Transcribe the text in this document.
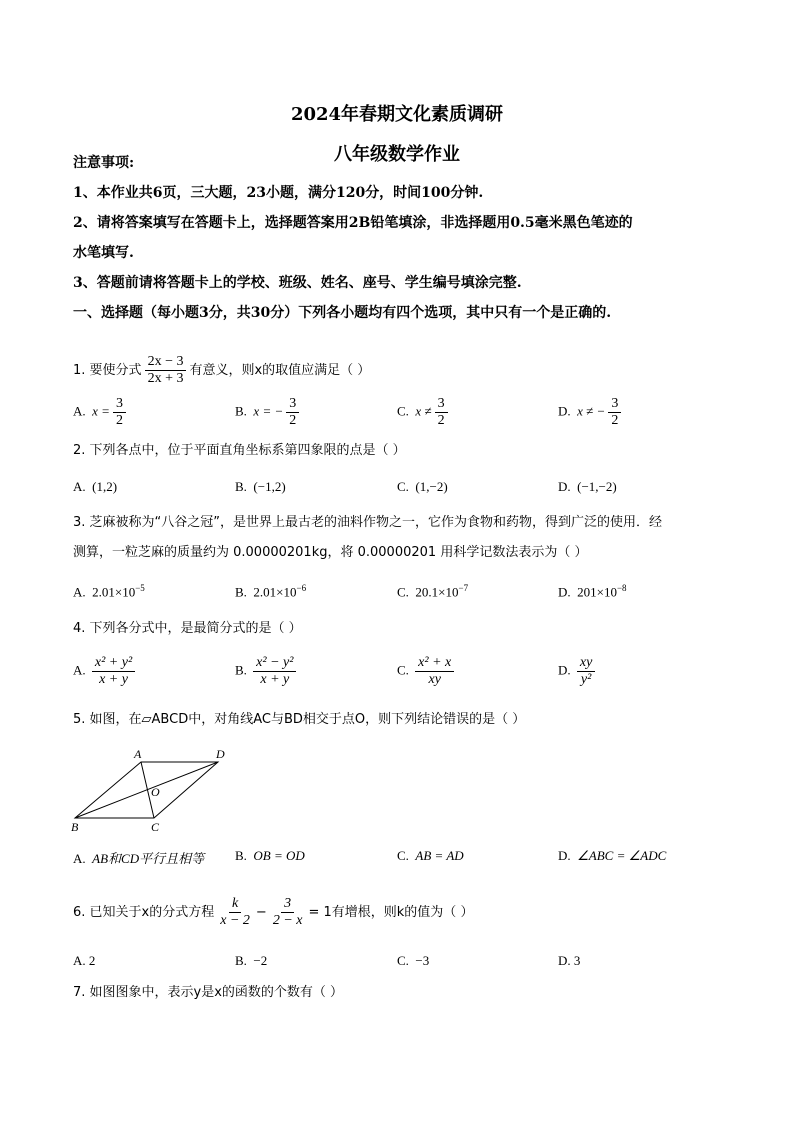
2024年春期文化素质调研
八年级数学作业
注意事项:
1、本作业共6页，三大题，23小题，满分120分，时间100分钟.
2、请将答案填写在答题卡上，选择题答案用2B铅笔填涂，非选择题用0.5毫米黑色笔迹的
水笔填写.
3、答题前请将答题卡上的学校、班级、姓名、座号、学生编号填涂完整.
一、选择题（每小题3分，共30分）下列各小题均有四个选项，其中只有一个是正确的.
1. 要使分式 $\frac{2x - 3}{2x + 3}$ 有意义，则x的取值应满足（ ）
A. $x = \frac{3}{2}$	B. x = − $\frac{3}{2}$	C. $x \ne \frac{3}{2}$	D. x ≠ − $\frac{3}{2}$
2. 下列各点中，位于平面直角坐标系第四象限的点是（ ）
A. (1,2)	B. (−1,2)	C. (1,−2)	D. (−1,−2)
3. 芝麻被称为“八谷之冠”，是世界上最古老的油料作物之一，它作为食物和药物，得到广泛的使用．经
测算，一粒芝麻的质量约为 0.00000201kg，将 0.00000201 用科学记数法表示为（ ）
A. $2.01\times 10^{-5}$	B. $2.01\times 10^{-6}$	C. $20.1\times 10^{-7}$	D. $201\times 10^{-8}$
4. 下列各分式中，是最简分式的是（ ）
A. $\frac{\text{x² + y²}}{x + y}$	B. $\frac{\text{x² − y²}}{x + y}$	C. $\frac{\text{x² + x}}{xy}$	D. $\frac{xy}{\text{y²}}$
5. 如图，在▱ABCD中，对角线AC与BD相交于点O，则下列结论错误的是（ ）
A	D
B	C
O
A. AB和CD平行且相等 B. OB = OD	C. AB = AD	D. ∠ABC = ∠ADC
6. 已知关于x的分式方程 $\frac{k}{x - 2} - \frac{3}{2 - x} = 1$有增根，则k的值为（ ）
A. 2	B. −2	C. −3	D. 3
7. 如图图象中，表示y是x的函数的个数有（ ）
